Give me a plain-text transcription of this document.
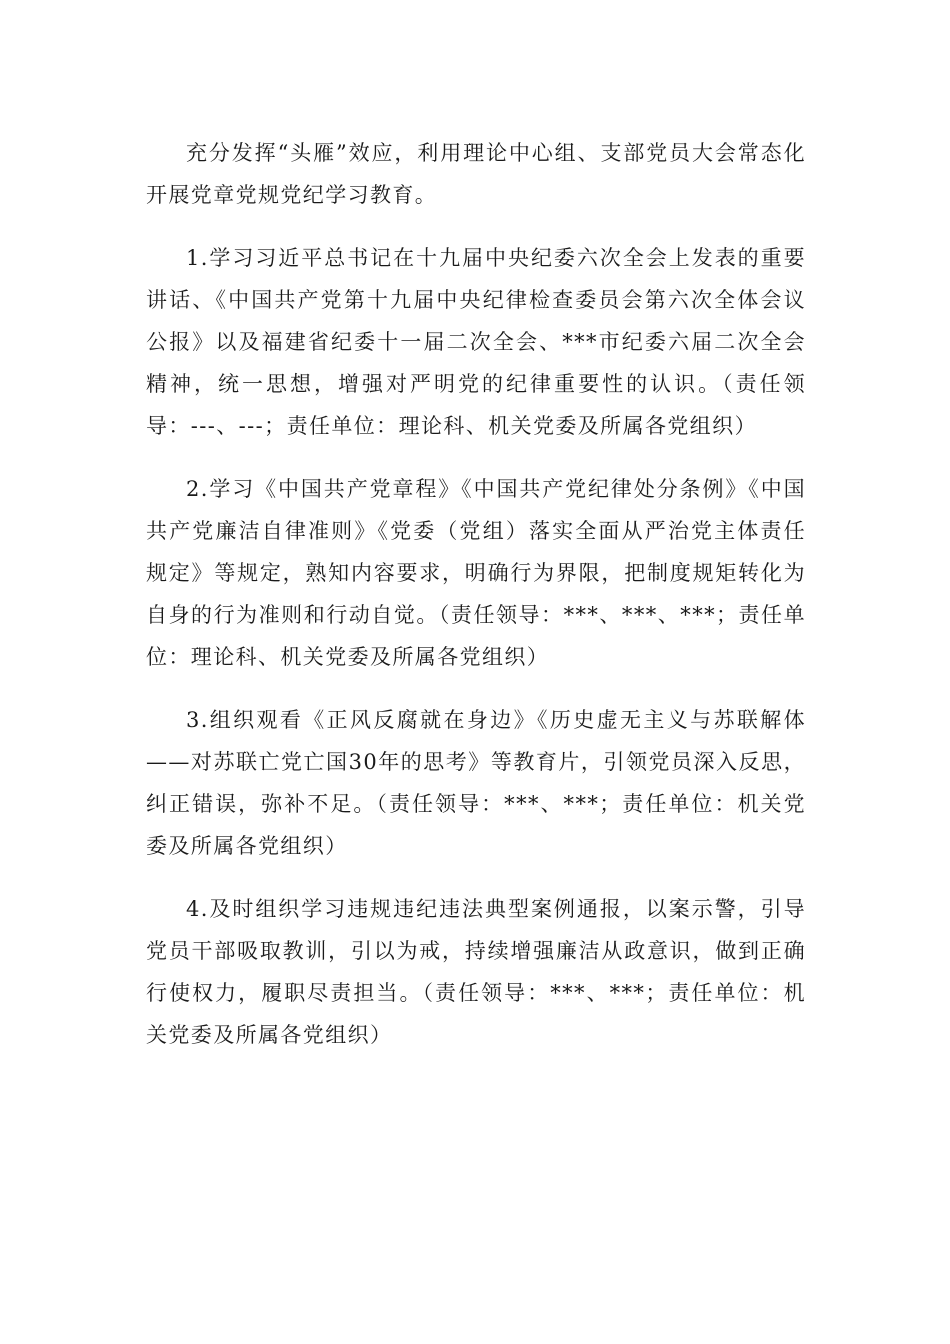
充分发挥“头雁”效应，利用理论中心组、支部党员大会常态化开展党章党规党纪学习教育。

1.学习习近平总书记在十九届中央纪委六次全会上发表的重要讲话、《中国共产党第十九届中央纪律检查委员会第六次全体会议公报》以及福建省纪委十一届二次全会、***市纪委六届二次全会精神，统一思想，增强对严明党的纪律重要性的认识。（责任领导：---、---；责任单位：理论科、机关党委及所属各党组织）

2.学习《中国共产党章程》《中国共产党纪律处分条例》《中国共产党廉洁自律准则》《党委（党组）落实全面从严治党主体责任规定》等规定，熟知内容要求，明确行为界限，把制度规矩转化为自身的行为准则和行动自觉。（责任领导：***、***、***；责任单位：理论科、机关党委及所属各党组织）

3.组织观看《正风反腐就在身边》《历史虚无主义与苏联解体——对苏联亡党亡国30年的思考》等教育片，引领党员深入反思，纠正错误，弥补不足。（责任领导：***、***；责任单位：机关党委及所属各党组织）

4.及时组织学习违规违纪违法典型案例通报，以案示警，引导党员干部吸取教训，引以为戒，持续增强廉洁从政意识，做到正确行使权力，履职尽责担当。（责任领导：***、***；责任单位：机关党委及所属各党组织）
